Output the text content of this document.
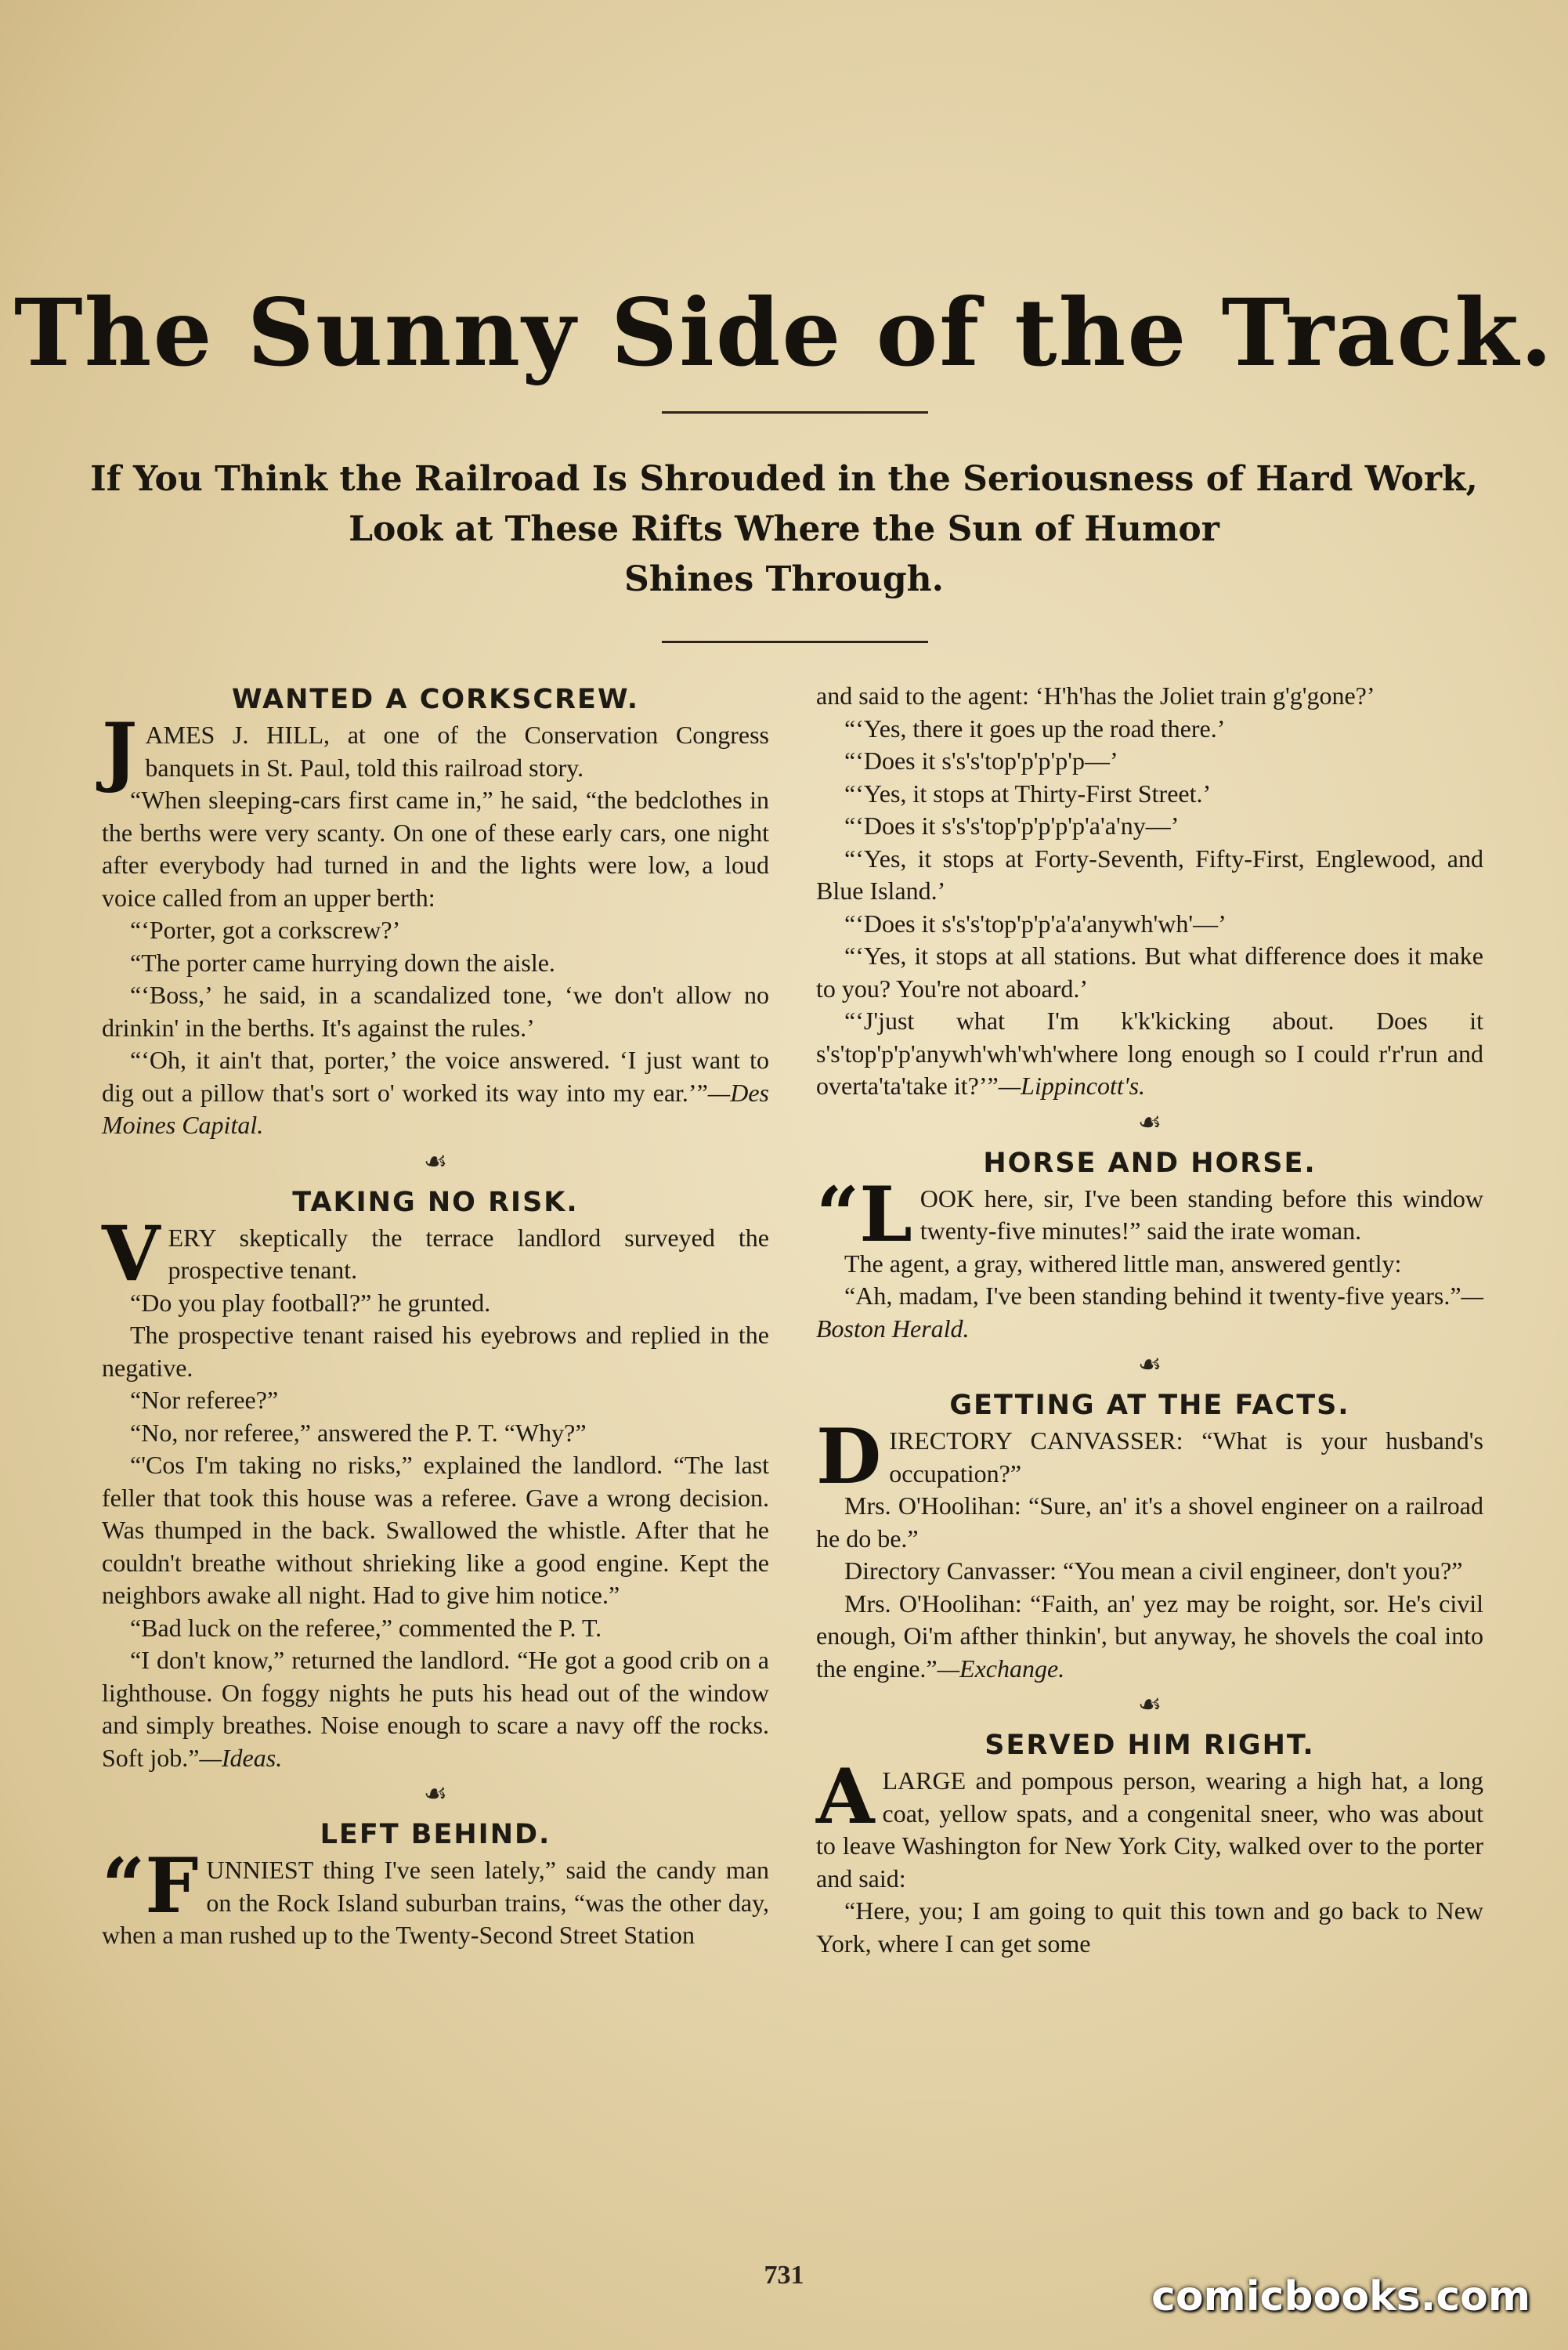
The Sunny Side of the Track.
If You Think the Railroad Is Shrouded in the Seriousness of Hard Work,
Look at These Rifts Where the Sun of Humor
Shines Through.
WANTED A CORKSCREW.

JAMES J. HILL, at one of the Conservation Congress banquets in St. Paul, told this railroad story.

“When sleeping-cars first came in,” he said, “the bedclothes in the berths were very scanty. On one of these early cars, one night after everybody had turned in and the lights were low, a loud voice called from an upper berth:

“‘Porter, got a corkscrew?’

“The porter came hurrying down the aisle.

“‘Boss,’ he said, in a scandalized tone, ‘we don't allow no drinkin' in the berths. It's against the rules.’

“‘Oh, it ain't that, porter,’ the voice answered. ‘I just want to dig out a pillow that's sort o' worked its way into my ear.’”—Des Moines Capital.

☙
TAKING NO RISK.

VERY skeptically the terrace landlord surveyed the prospective tenant.

“Do you play football?” he grunted.

The prospective tenant raised his eyebrows and replied in the negative.

“Nor referee?”

“No, nor referee,” answered the P. T. “Why?”

“'Cos I'm taking no risks,” explained the landlord. “The last feller that took this house was a referee. Gave a wrong decision. Was thumped in the back. Swallowed the whistle. After that he couldn't breathe without shrieking like a good engine. Kept the neighbors awake all night. Had to give him notice.”

“Bad luck on the referee,” commented the P. T.

“I don't know,” returned the landlord. “He got a good crib on a lighthouse. On foggy nights he puts his head out of the window and simply breathes. Noise enough to scare a navy off the rocks. Soft job.”—Ideas.

☙
LEFT BEHIND.

“FUNNIEST thing I've seen lately,” said the candy man on the Rock Island suburban trains, “was the other day, when a man rushed up to the Twenty-Second Street Station

and said to the agent: ‘H'h'has the Joliet train g'g'gone?’

“‘Yes, there it goes up the road there.’

“‘Does it s's's'top'p'p'p'p—’

“‘Yes, it stops at Thirty-First Street.’

“‘Does it s's's'top'p'p'p'p'a'a'ny—’

“‘Yes, it stops at Forty-Seventh, Fifty-First, Englewood, and Blue Island.’

“‘Does it s's's'top'p'p'a'a'anywh'wh'—’

“‘Yes, it stops at all stations. But what difference does it make to you? You're not aboard.’

“‘J'just what I'm k'k'kicking about. Does it s's'top'p'p'anywh'wh'wh'where long enough so I could r'r'run and overta'ta'take it?’”—Lippincott's.

☙
HORSE AND HORSE.

“LOOK here, sir, I've been standing before this window twenty-five minutes!” said the irate woman.

The agent, a gray, withered little man, answered gently:

“Ah, madam, I've been standing behind it twenty-five years.”—Boston Herald.

☙
GETTING AT THE FACTS.

DIRECTORY CANVASSER: “What is your husband's occupation?”

Mrs. O'Hoolihan: “Sure, an' it's a shovel engineer on a railroad he do be.”

Directory Canvasser: “You mean a civil engineer, don't you?”

Mrs. O'Hoolihan: “Faith, an' yez may be roight, sor. He's civil enough, Oi'm afther thinkin', but anyway, he shovels the coal into the engine.”—Exchange.

☙
SERVED HIM RIGHT.

ALARGE and pompous person, wearing a high hat, a long coat, yellow spats, and a congenital sneer, who was about to leave Washington for New York City, walked over to the porter and said:

“Here, you; I am going to quit this town and go back to New York, where I can get some

731	comicbooks.com
